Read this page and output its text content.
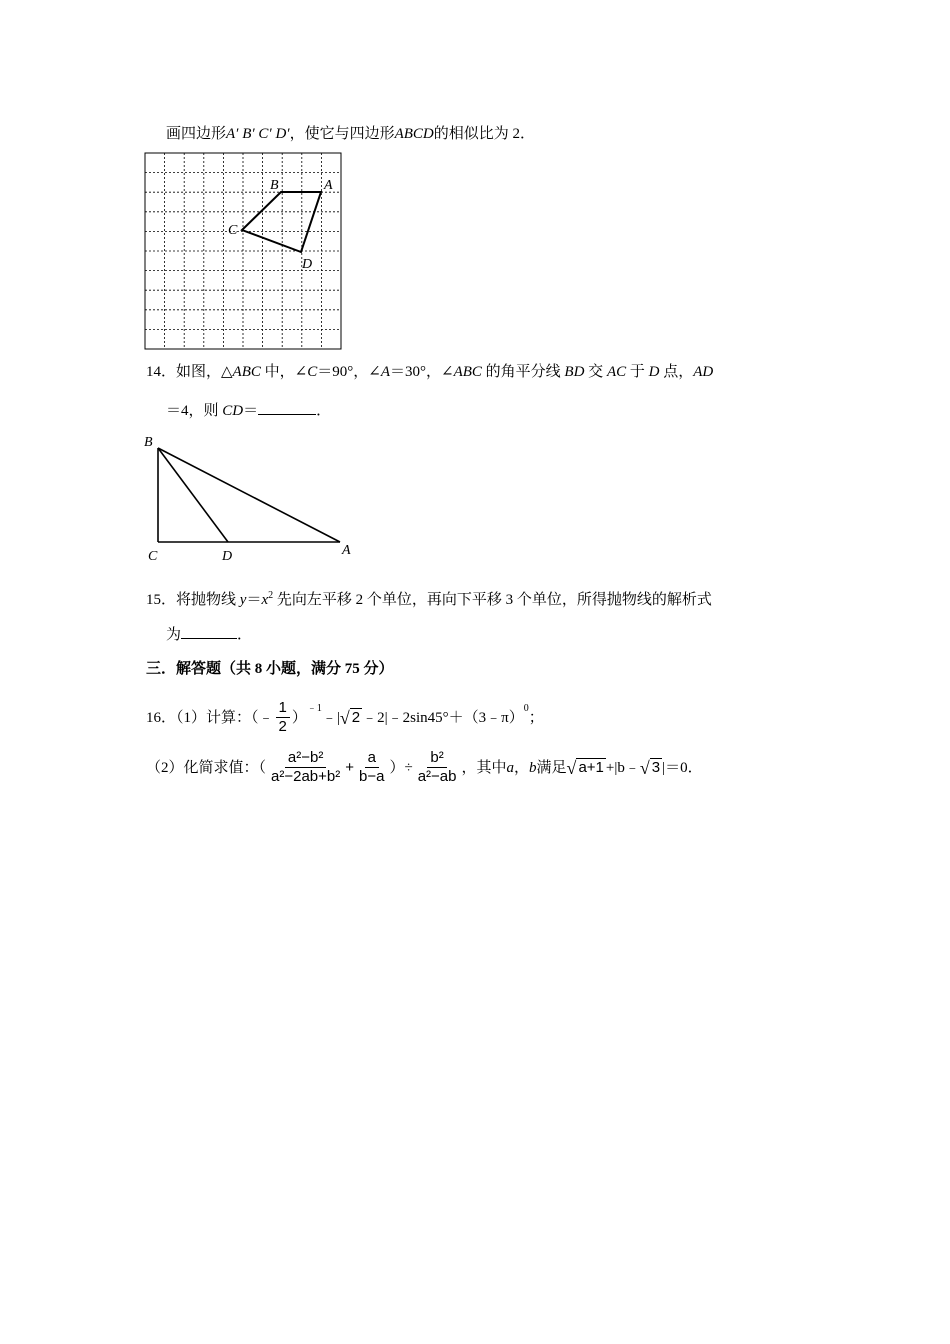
画四边形A′ B′ C′ D′，使它与四边形ABCD的相似比为 2．
B	A
C
D
14．如图，△ABC 中，∠C＝90°，∠A＝30°，∠ABC 的角平分线 BD 交 AC 于 D 点，AD
＝4，则 CD＝	．
B
C	D	A
15．将抛物线 $y=x^2$ 先向左平移 2 个单位，再向下平移 3 个单位，所得抛物线的解析式
为	．
三．解答题（共 8 小题，满分 75 分）
16．（1）计算：（﹣ $\frac{1}{2}$ ）
$^{﹣1}$
﹣| √ 2 ﹣2|﹣2sin45°＋（3﹣π）
$^0$
；
（2）化简求值：（ $\frac{\text{a²−b²}}{\text{a²−2ab+b²}} + \frac{a}{b-a}$ ）÷ $\frac{\text{b²}}{\text{a²−ab}}$ ，其中 a ， b 满足 √ a+1 +|b﹣ √ 3 |＝0．
